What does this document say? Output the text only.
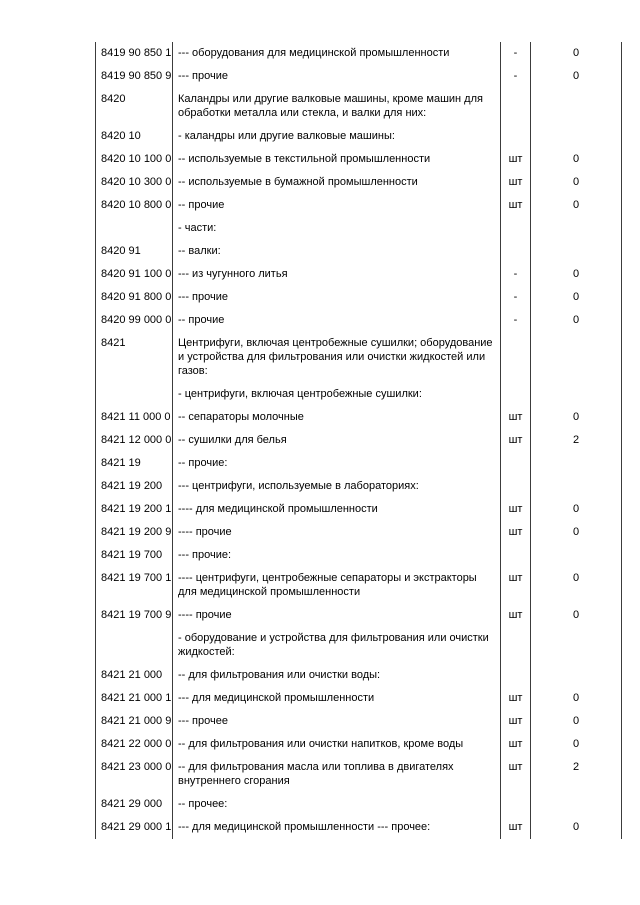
8419 90 850 1	--- оборудования для медицинской промышленности	-	0
8419 90 850 9	--- прочие	-	0
8420	Каландры или другие валковые машины, кроме машин для обработки металла или стекла, и валки для них:		
8420 10	- каландры или другие валковые машины:		
8420 10 100 0	-- используемые в текстильной промышленности	шт	0
8420 10 300 0	-- используемые в бумажной промышленности	шт	0
8420 10 800 0	-- прочие	шт	0
	- части:		
8420 91	-- валки:		
8420 91 100 0	--- из чугунного литья	-	0
8420 91 800 0	--- прочие	-	0
8420 99 000 0	-- прочие	-	0
8421	Центрифуги, включая центробежные сушилки; оборудование и устройства для фильтрования или очистки жидкостей или газов:		
	- центрифуги, включая центробежные сушилки:		
8421 11 000 0	-- сепараторы молочные	шт	0
8421 12 000 0	-- сушилки для белья	шт	2
8421 19	-- прочие:		
8421 19 200	--- центрифуги, используемые в лабораториях:		
8421 19 200 1	---- для медицинской промышленности	шт	0
8421 19 200 9	---- прочие	шт	0
8421 19 700	--- прочие:		
8421 19 700 1	---- центрифуги, центробежные сепараторы и экстракторы для медицинской промышленности	шт	0
8421 19 700 9	---- прочие	шт	0
	- оборудование и устройства для фильтрования или очистки жидкостей:		
8421 21 000	-- для фильтрования или очистки воды:		
8421 21 000 1	--- для медицинской промышленности	шт	0
8421 21 000 9	--- прочее	шт	0
8421 22 000 0	-- для фильтрования или очистки напитков, кроме воды	шт	0
8421 23 000 0	-- для фильтрования масла или топлива в двигателях внутреннего сгорания	шт	2
8421 29 000	-- прочее:		
8421 29 000 1	--- для медицинской промышленности --- прочее:	шт	0
